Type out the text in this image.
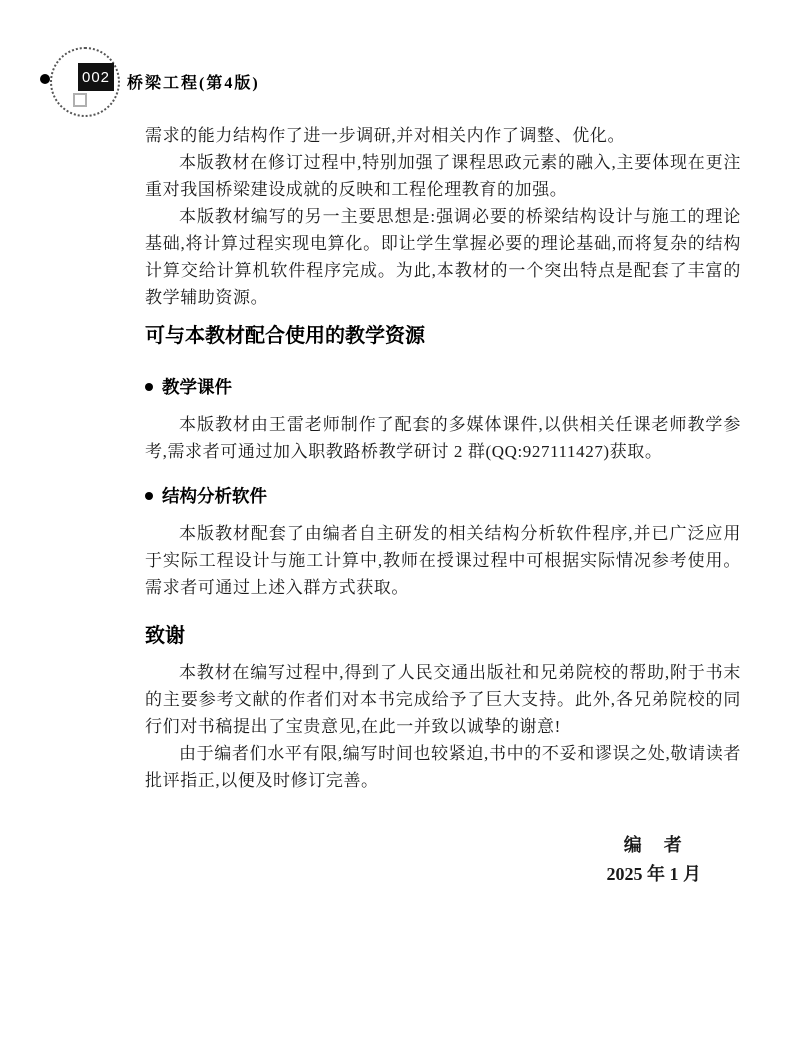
002 桥梁工程(第4版)

需求的能力结构作了进一步调研,并对相关内作了调整、优化。

本版教材在修订过程中,特别加强了课程思政元素的融入,主要体现在更注重对我国桥梁建设成就的反映和工程伦理教育的加强。

本版教材编写的另一主要思想是:强调必要的桥梁结构设计与施工的理论基础,将计算过程实现电算化。即让学生掌握必要的理论基础,而将复杂的结构计算交给计算机软件程序完成。为此,本教材的一个突出特点是配套了丰富的教学辅助资源。

可与本教材配合使用的教学资源
教学课件

本版教材由王雷老师制作了配套的多媒体课件,以供相关任课老师教学参考,需求者可通过加入职教路桥教学研讨 2 群(QQ:927111427)获取。

结构分析软件

本版教材配套了由编者自主研发的相关结构分析软件程序,并已广泛应用于实际工程设计与施工计算中,教师在授课过程中可根据实际情况参考使用。需求者可通过上述入群方式获取。

致谢

本教材在编写过程中,得到了人民交通出版社和兄弟院校的帮助,附于书末的主要参考文献的作者们对本书完成给予了巨大支持。此外,各兄弟院校的同行们对书稿提出了宝贵意见,在此一并致以诚挚的谢意!

由于编者们水平有限,编写时间也较紧迫,书中的不妥和谬误之处,敬请读者批评指正,以便及时修订完善。

编　者
2025 年 1 月
